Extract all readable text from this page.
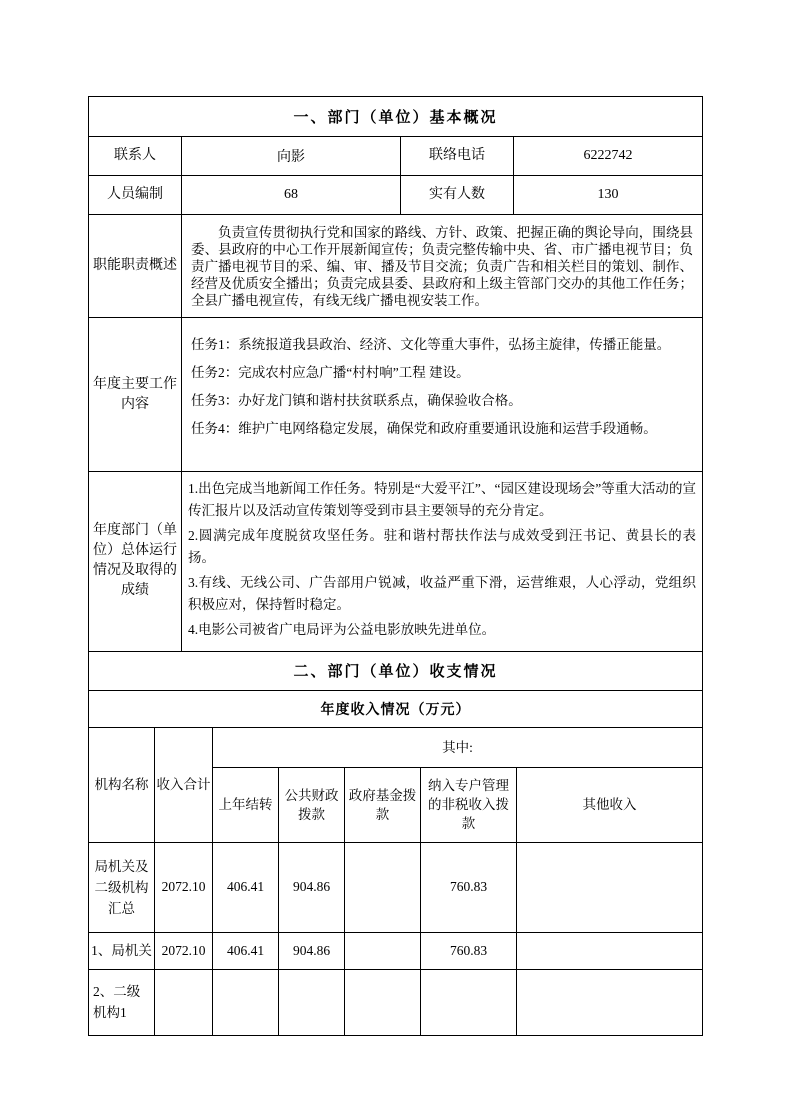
一、部门（单位）基本概况			
联系人	向影	联络电话	6222742
人员编制	68	实有人数	130
职能职责概述	负责宣传贯彻执行党和国家的路线、方针、政策、把握正确的舆论导向，围绕县委、县政府的中心工作开展新闻宣传；负责完整传输中央、省、市广播电视节目；负责广播电视节目的采、编、审、播及节目交流；负责广告和相关栏目的策划、制作、经营及优质安全播出；负责完成县委、县政府和上级主管部门交办的其他工作任务；全县广播电视宣传，有线无线广播电视安装工作。
年度主要工作内容	任务1：系统报道我县政治、经济、文化等重大事件，弘扬主旋律，传播正能量。
任务2：完成农村应急广播“村村响”工程 建设。
任务3：办好龙门镇和谐村扶贫联系点，确保验收合格。
任务4：维护广电网络稳定发展，确保党和政府重要通讯设施和运营手段通畅。

年度部门（单位）总体运行情况及取得的成绩	1.出色完成当地新闻工作任务。特别是“大爱平江”、“园区建设现场会”等重大活动的宣传汇报片以及活动宣传策划等受到市县主要领导的充分肯定。
2.圆满完成年度脱贫攻坚任务。驻和谐村帮扶作法与成效受到汪书记、黄县长的表扬。
3.有线、无线公司、广告部用户锐减，收益严重下滑，运营维艰，人心浮动，党组织积极应对，保持暂时稳定。
4.电影公司被省广电局评为公益电影放映先进单位。
二、部门（单位）收支情况
年度收入情况（万元）
机构名称	收入合计	其中:				
		上年结转	公共财政拨款	政府基金拨款	纳入专户管理的非税收入拨款	其他收入
局机关及二级机构汇总	2072.10	406.41	904.86		760.83	
1、局机关	2072.10	406.41	904.86		760.83	
2、二级机构1						
